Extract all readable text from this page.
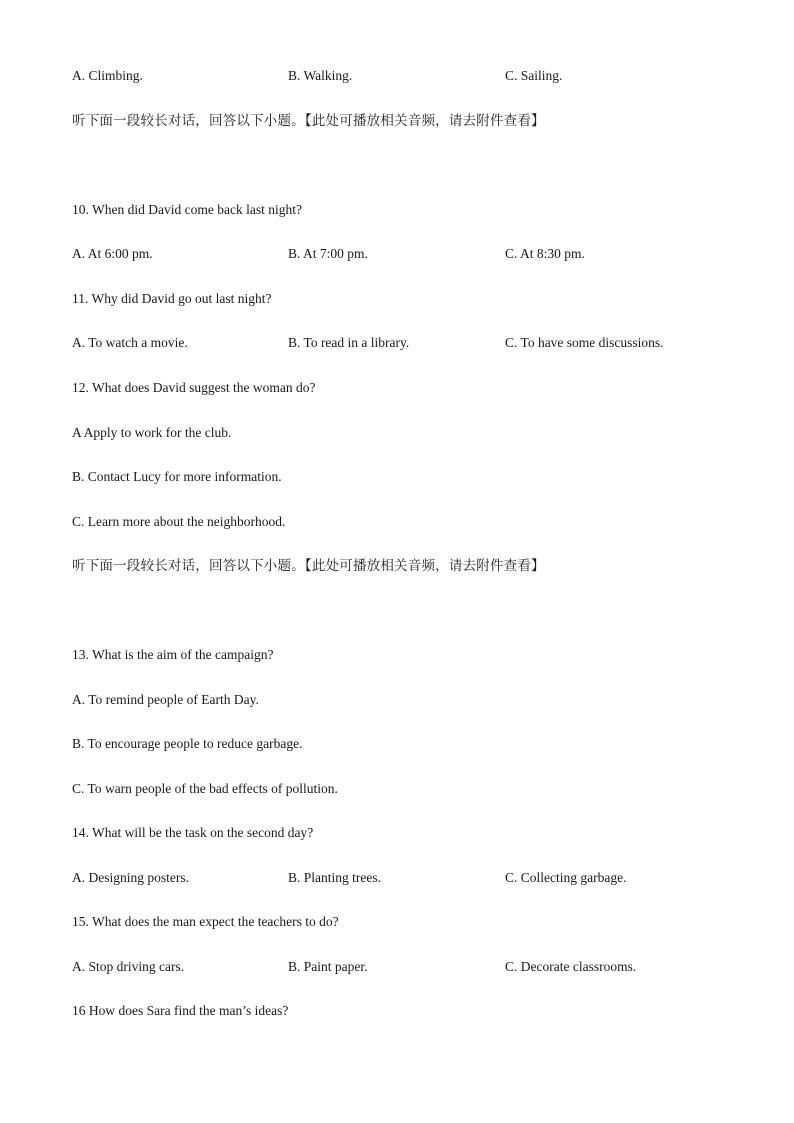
A. Climbing.	B. Walking.	C. Sailing.
听下面一段较长对话，回答以下小题。【此处可播放相关音频，请去附件查看】
10. When did David come back last night?
A. At 6:00 pm.	B. At 7:00 pm.	C. At 8:30 pm.
11. Why did David go out last night?
A. To watch a movie.	B. To read in a library.	C. To have some discussions.
12. What does David suggest the woman do?
A Apply to work for the club.
B. Contact Lucy for more information.
C. Learn more about the neighborhood.
听下面一段较长对话，回答以下小题。【此处可播放相关音频，请去附件查看】
13. What is the aim of the campaign?
A. To remind people of Earth Day.
B. To encourage people to reduce garbage.
C. To warn people of the bad effects of pollution.
14. What will be the task on the second day?
A. Designing posters.	B. Planting trees.	C. Collecting garbage.
15. What does the man expect the teachers to do?
A. Stop driving cars.	B. Paint paper.	C. Decorate classrooms.
16 How does Sara find the man’s ideas?
